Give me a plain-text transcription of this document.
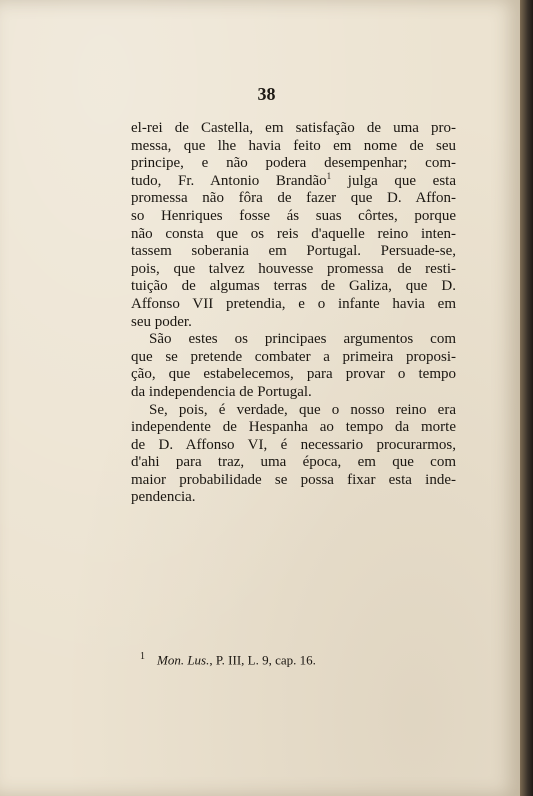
38

el-rei de Castella, em satisfação de uma pro-
messa, que lhe havia feito em nome de seu
principe, e não podera desempenhar; com-
tudo, Fr. Antonio Brandão$^1$ julga que esta
promessa não fôra de fazer que D. Affon-
so Henriques fosse ás suas côrtes, porque
não consta que os reis d'aquelle reino inten-
tassem soberania em Portugal. Persuade-se,
pois, que talvez houvesse promessa de resti-
tuição de algumas terras de Galiza, que D.
Affonso VII pretendia, e o infante havia em
seu poder.

São estes os principaes argumentos com
que se pretende combater a primeira proposi-
ção, que estabelecemos, para provar o tempo
da independencia de Portugal.

Se, pois, é verdade, que o nosso reino era
independente de Hespanha ao tempo da morte
de D. Affonso VI, é necessario procurarmos,
d'ahi para traz, uma época, em que com
maior probabilidade se possa fixar esta inde-
pendencia.

$^1$ Mon. Lus., P. III, L. 9, cap. 16.
